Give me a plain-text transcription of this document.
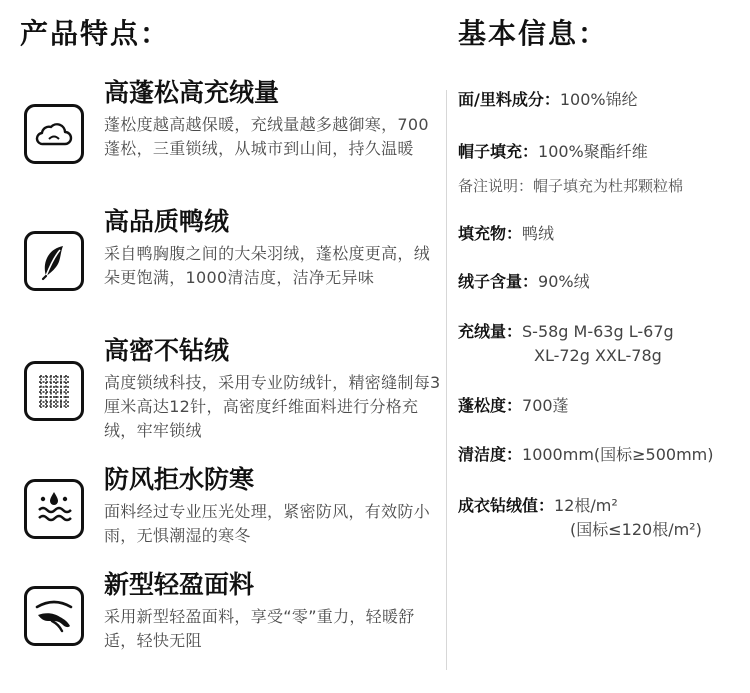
产品特点：	基本信息：
高蓬松高充绒量
蓬松度越高越保暖，充绒量越多越御寒，700蓬松，三重锁绒，从城市到山间，持久温暖
高品质鸭绒
采自鸭胸腹之间的大朵羽绒，蓬松度更高，绒朵更饱满，1000清洁度，洁净无异味
高密不钻绒
高度锁绒科技，采用专业防绒针，精密缝制每3厘米高达12针，高密度纤维面料进行分格充绒，牢牢锁绒
防风拒水防寒
面料经过专业压光处理，紧密防风，有效防小雨，无惧潮湿的寒冬
新型轻盈面料
采用新型轻盈面料，享受“零”重力，轻暖舒适，轻快无阻
面/里料成分：100%锦纶
帽子填充：100%聚酯纤维
备注说明：帽子填充为杜邦颗粒棉
填充物：鸭绒
绒子含量：90%绒
充绒量：S-58g M-63g L-67g
XL-72g XXL-78g
蓬松度：700蓬
清洁度：1000mm(国标≥500mm)
成衣钻绒值：12根/m²
(国标≤120根/m²)
